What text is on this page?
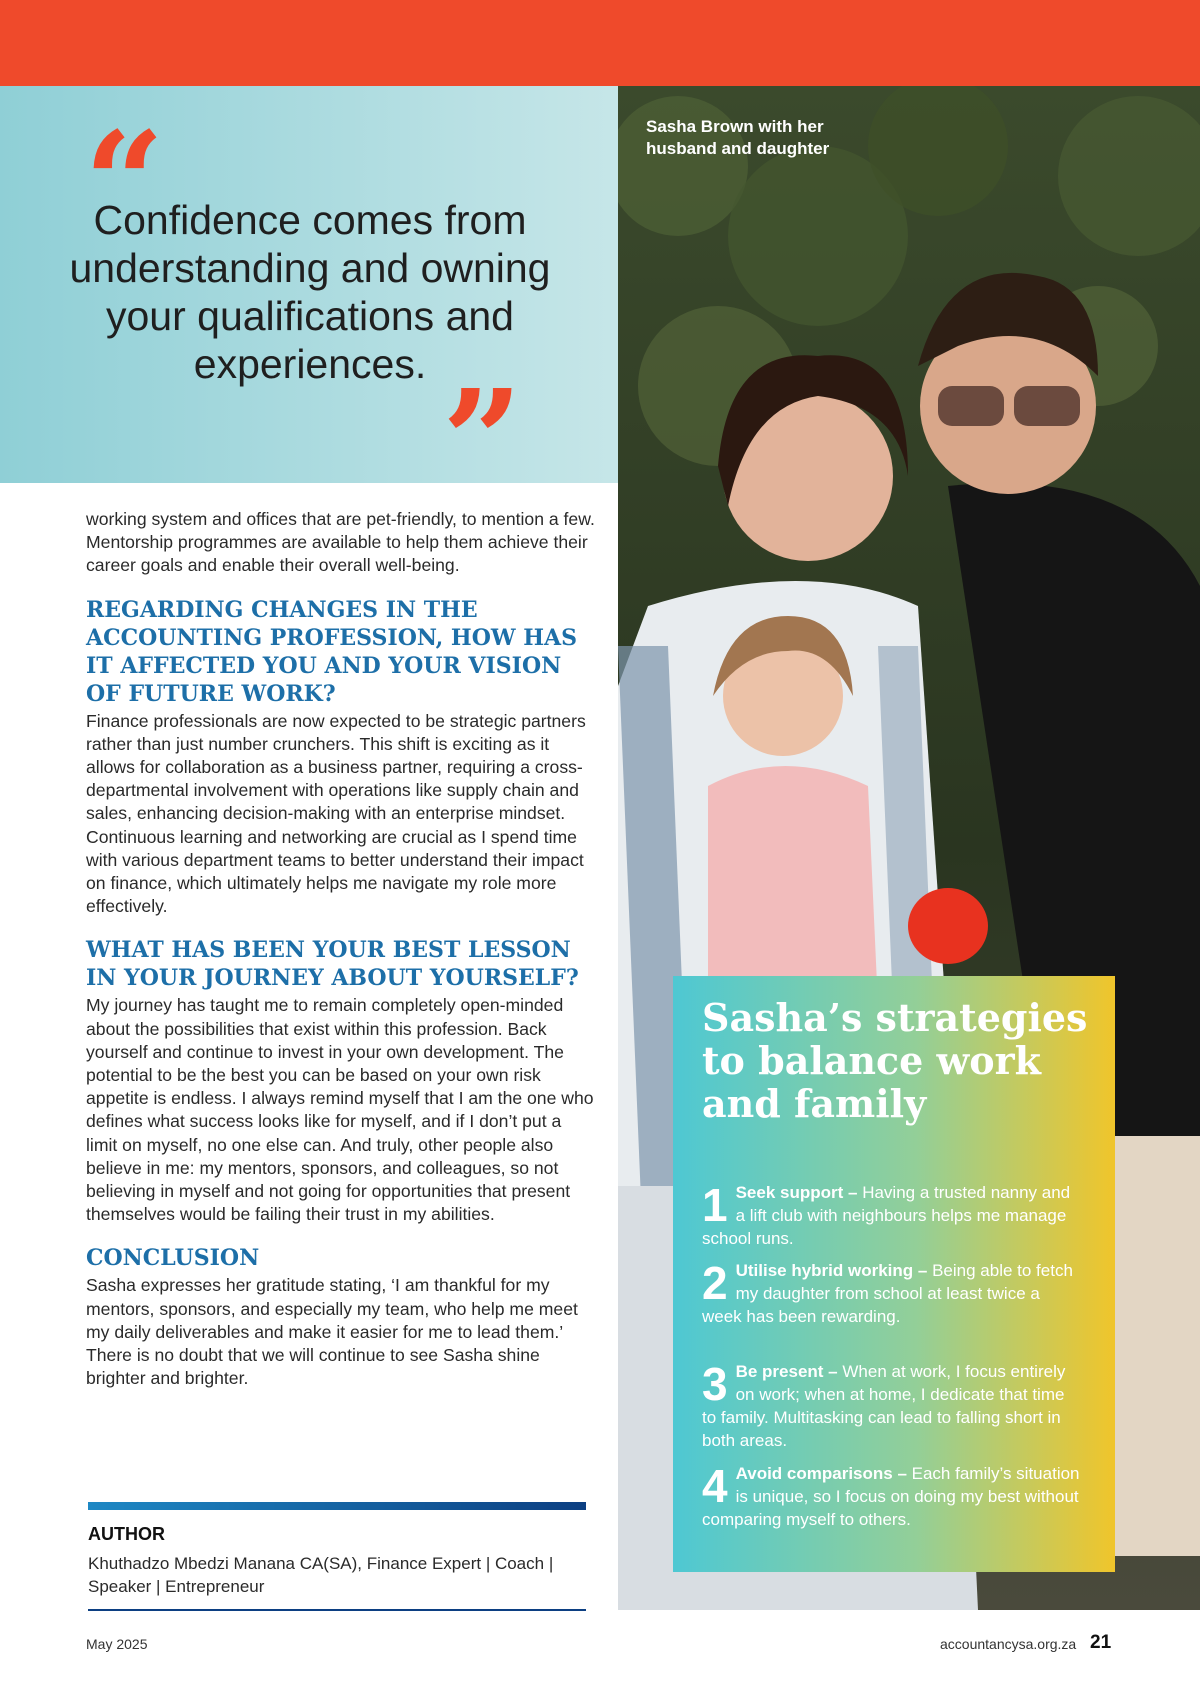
“
Confidence comes from understanding and owning your qualifications and experiences. ”

working system and offices that are pet-friendly, to mention a few. Mentorship programmes are available to help them achieve their career goals and enable their overall well-being.

REGARDING CHANGES IN THE ACCOUNTING PROFESSION, HOW HAS IT AFFECTED YOU AND YOUR VISION OF FUTURE WORK?

Finance professionals are now expected to be strategic partners rather than just number crunchers. This shift is exciting as it allows for collaboration as a business partner, requiring a cross-departmental involvement with operations like supply chain and sales, enhancing decision-making with an enterprise mindset. Continuous learning and networking are crucial as I spend time with various department teams to better understand their impact on finance, which ultimately helps me navigate my role more effectively.

WHAT HAS BEEN YOUR BEST LESSON IN YOUR JOURNEY ABOUT YOURSELF?

My journey has taught me to remain completely open-minded about the possibilities that exist within this profession. Back yourself and continue to invest in your own development. The potential to be the best you can be based on your own risk appetite is endless. I always remind myself that I am the one who defines what success looks like for myself, and if I don’t put a limit on myself, no one else can. And truly, other people also believe in me: my mentors, sponsors, and colleagues, so not believing in myself and not going for opportunities that present themselves would be failing their trust in my abilities.

CONCLUSION

Sasha expresses her gratitude stating, ‘I am thankful for my mentors, sponsors, and especially my team, who help me meet my daily deliverables and make it easier for me to lead them.’ There is no doubt that we will continue to see Sasha shine brighter and brighter.

AUTHOR
Khuthadzo Mbedzi Manana CA(SA), Finance Expert | Coach | Speaker | Entrepreneur
Sasha Brown with her husband and daughter
Sasha’s strategies to balance work and family
1 Seek support – Having a trusted nanny and a lift club with neighbours helps me manage school runs.
2 Utilise hybrid working – Being able to fetch my daughter from school at least twice a week has been rewarding.
3 Be present – When at work, I focus entirely on work; when at home, I dedicate that time to family. Multitasking can lead to falling short in both areas.
4 Avoid comparisons – Each family’s situation is unique, so I focus on doing my best without comparing myself to others.
May 2025	accountancysa.org.za 21
